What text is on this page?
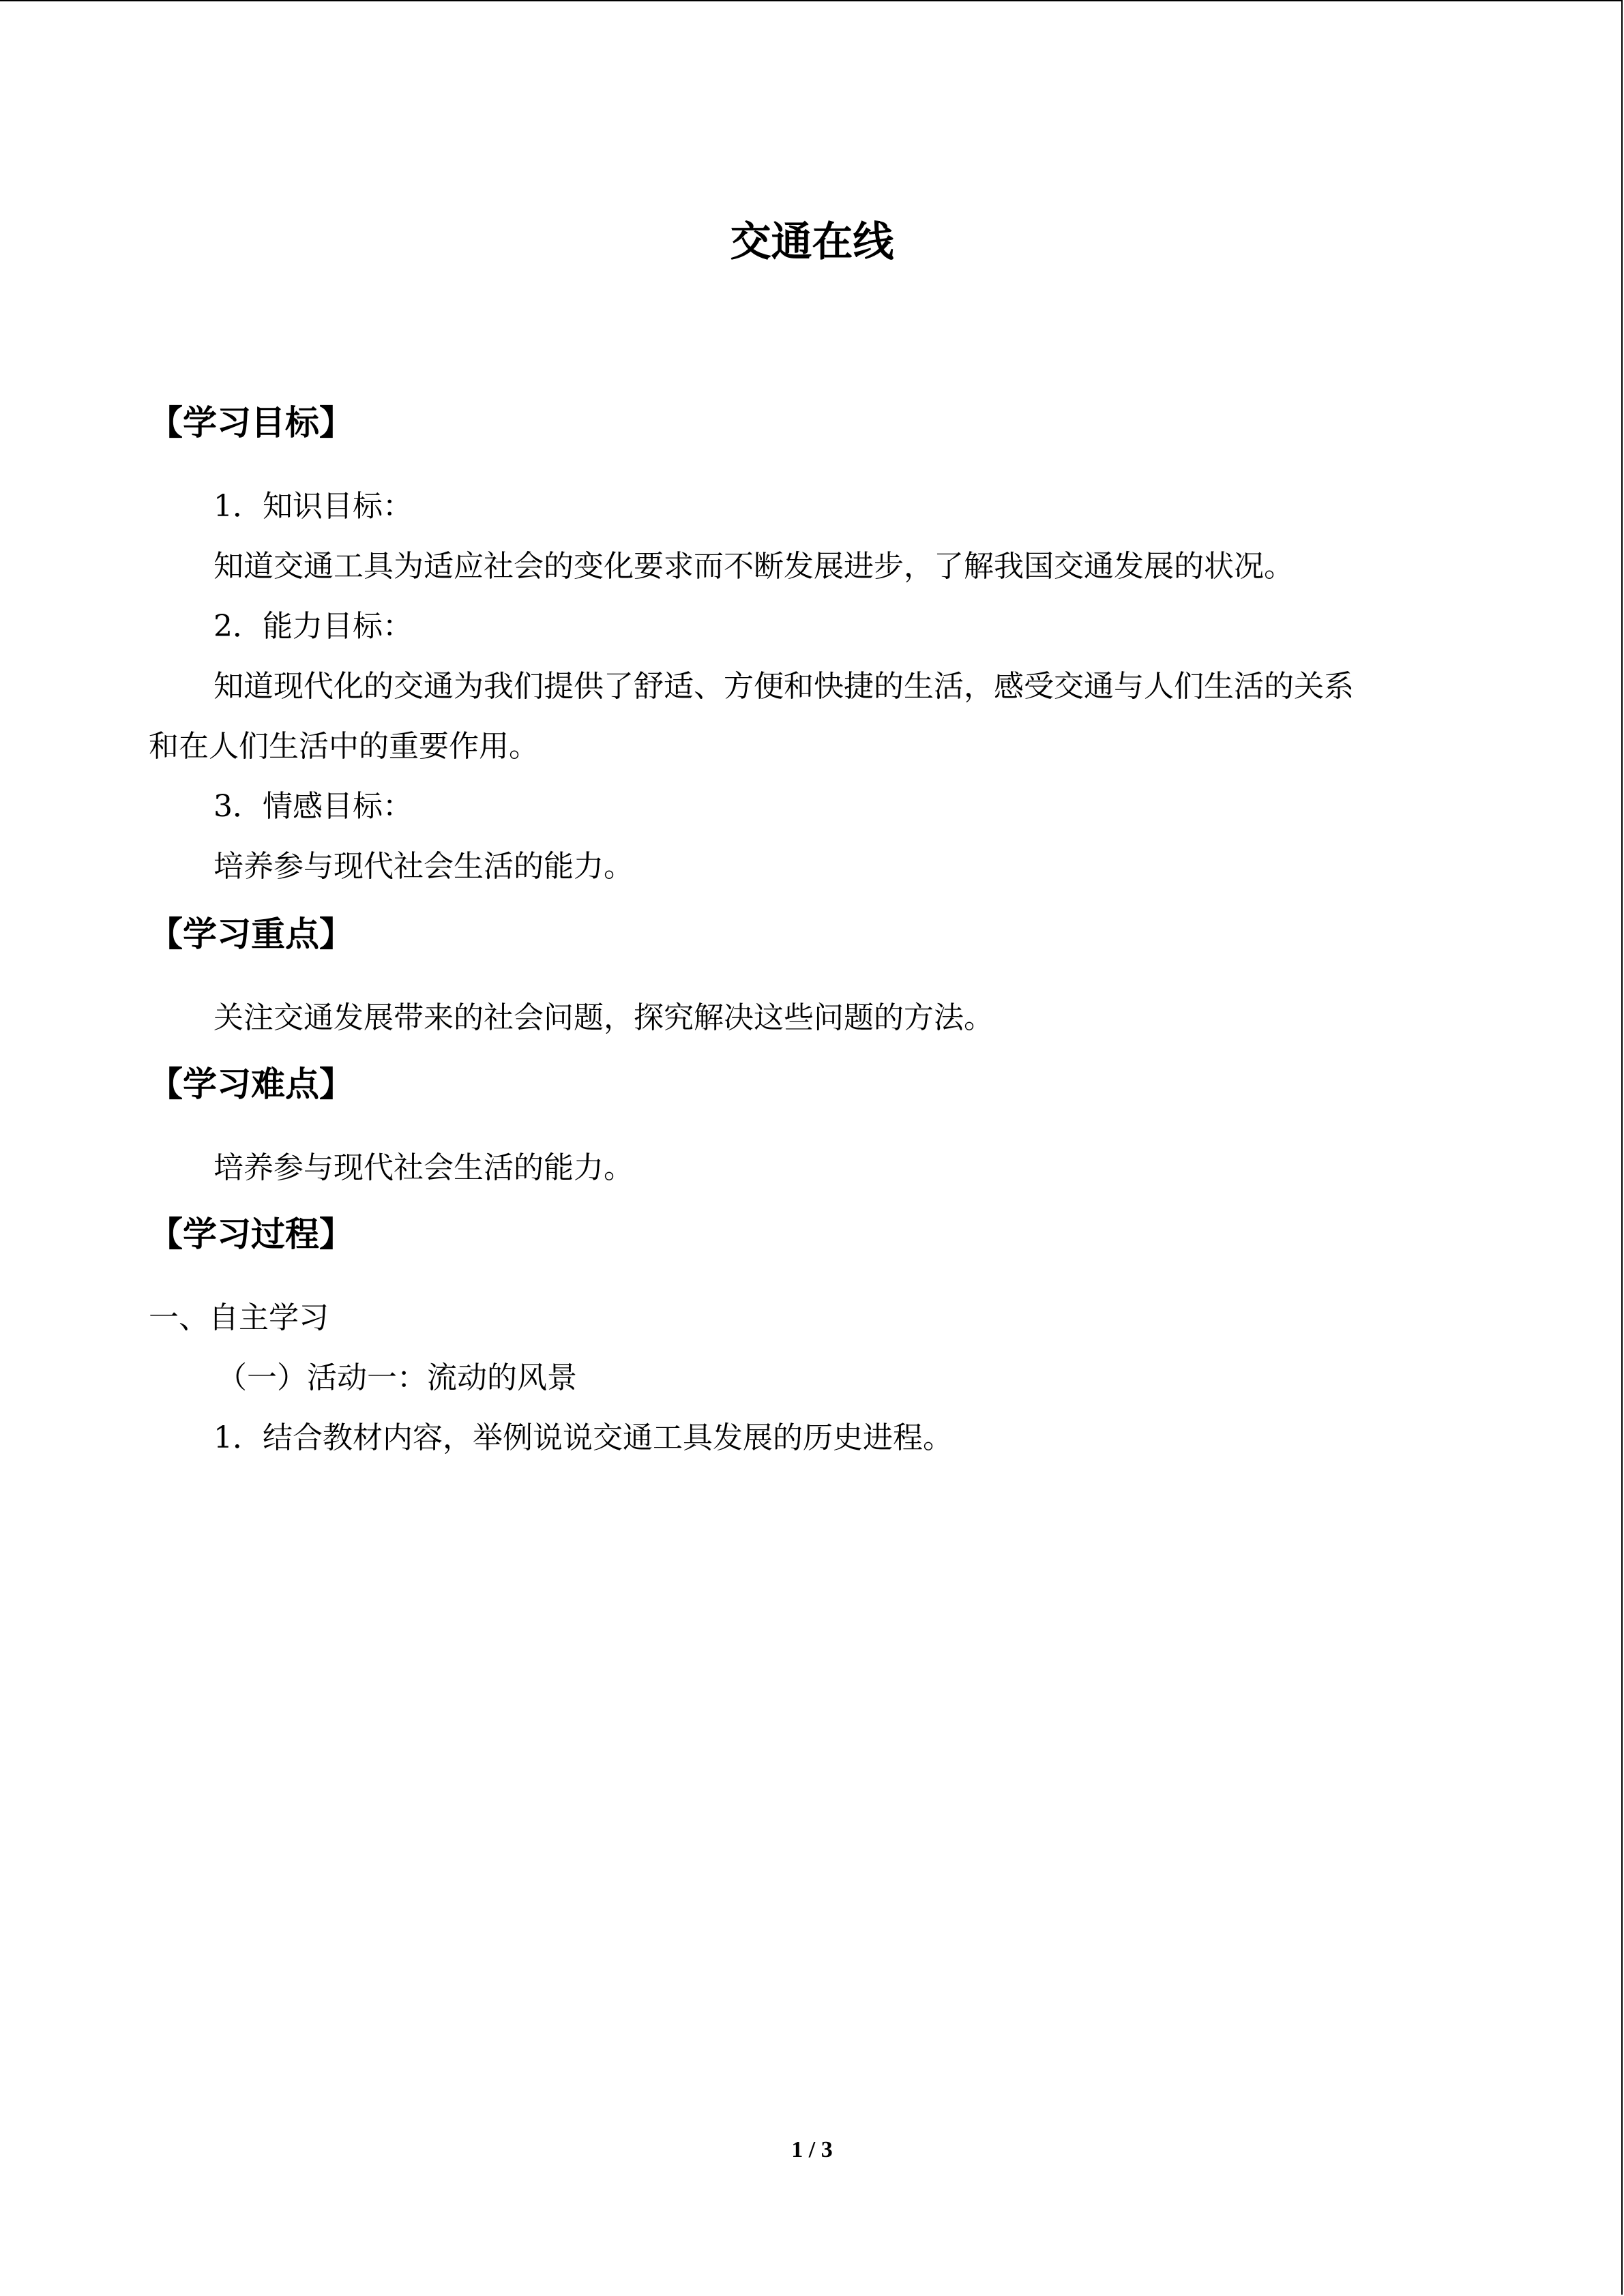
交通在线
【学习目标】

1．知识目标：

知道交通工具为适应社会的变化要求而不断发展进步，了解我国交通发展的状况。

2．能力目标：

知道现代化的交通为我们提供了舒适、方便和快捷的生活，感受交通与人们生活的关系

和在人们生活中的重要作用。

3．情感目标：

培养参与现代社会生活的能力。

【学习重点】

关注交通发展带来的社会问题，探究解决这些问题的方法。

【学习难点】

培养参与现代社会生活的能力。

【学习过程】

一、自主学习

（一）活动一：流动的风景

1．结合教材内容，举例说说交通工具发展的历史进程。

1 / 3
